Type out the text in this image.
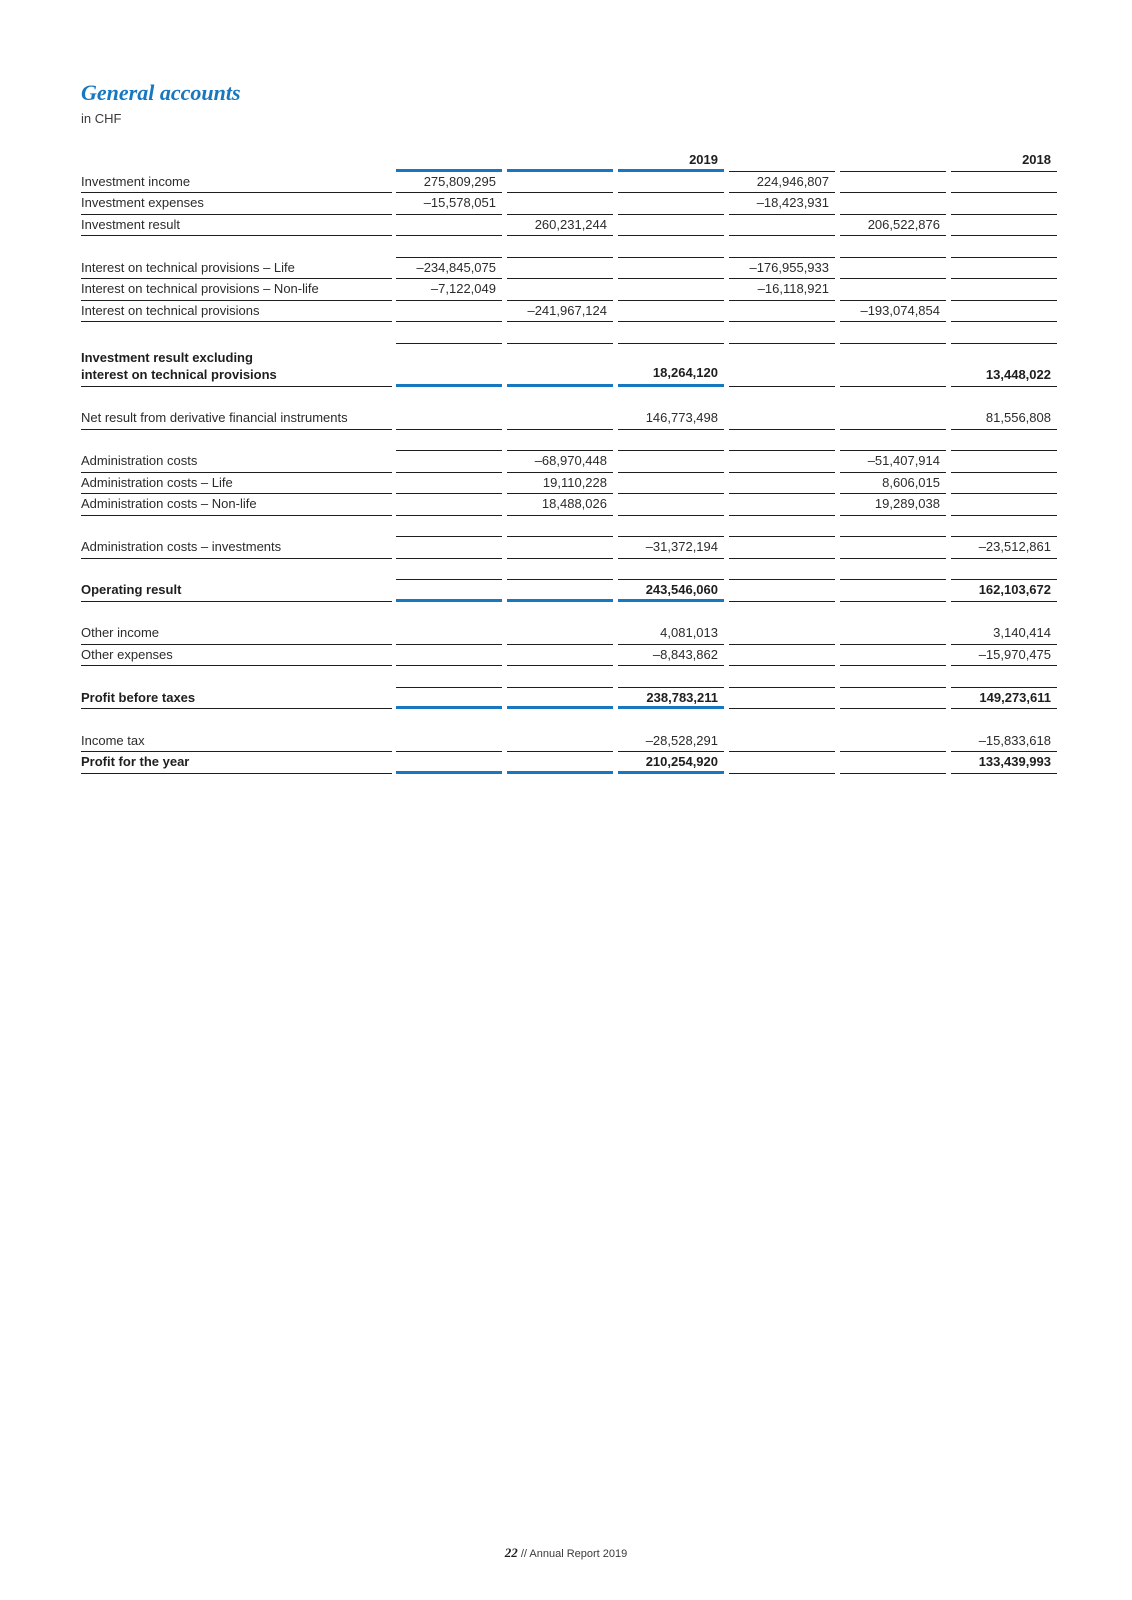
General accounts
in CHF
2019	2018
Investment income	275,809,295	224,946,807
Investment expenses	–15,578,051	–18,423,931
Investment result	260,231,244	206,522,876
Interest on technical provisions – Life	–234,845,075	–176,955,933
Interest on technical provisions – Non-life	–7,122,049	–16,118,921
Interest on technical provisions	–241,967,124	–193,074,854
Investment result excluding
interest on technical provisions	18,264,120	13,448,022
Net result from derivative financial instruments	146,773,498	81,556,808
Administration costs	–68,970,448	–51,407,914
Administration costs – Life	19,110,228	8,606,015
Administration costs – Non-life	18,488,026	19,289,038
Administration costs – investments	–31,372,194	–23,512,861
Operating result	243,546,060	162,103,672
Other income	4,081,013	3,140,414
Other expenses	–8,843,862	–15,970,475
Profit before taxes	238,783,211	149,273,611
Income tax	–28,528,291	–15,833,618
Profit for the year	210,254,920	133,439,993
22 // Annual Report 2019
